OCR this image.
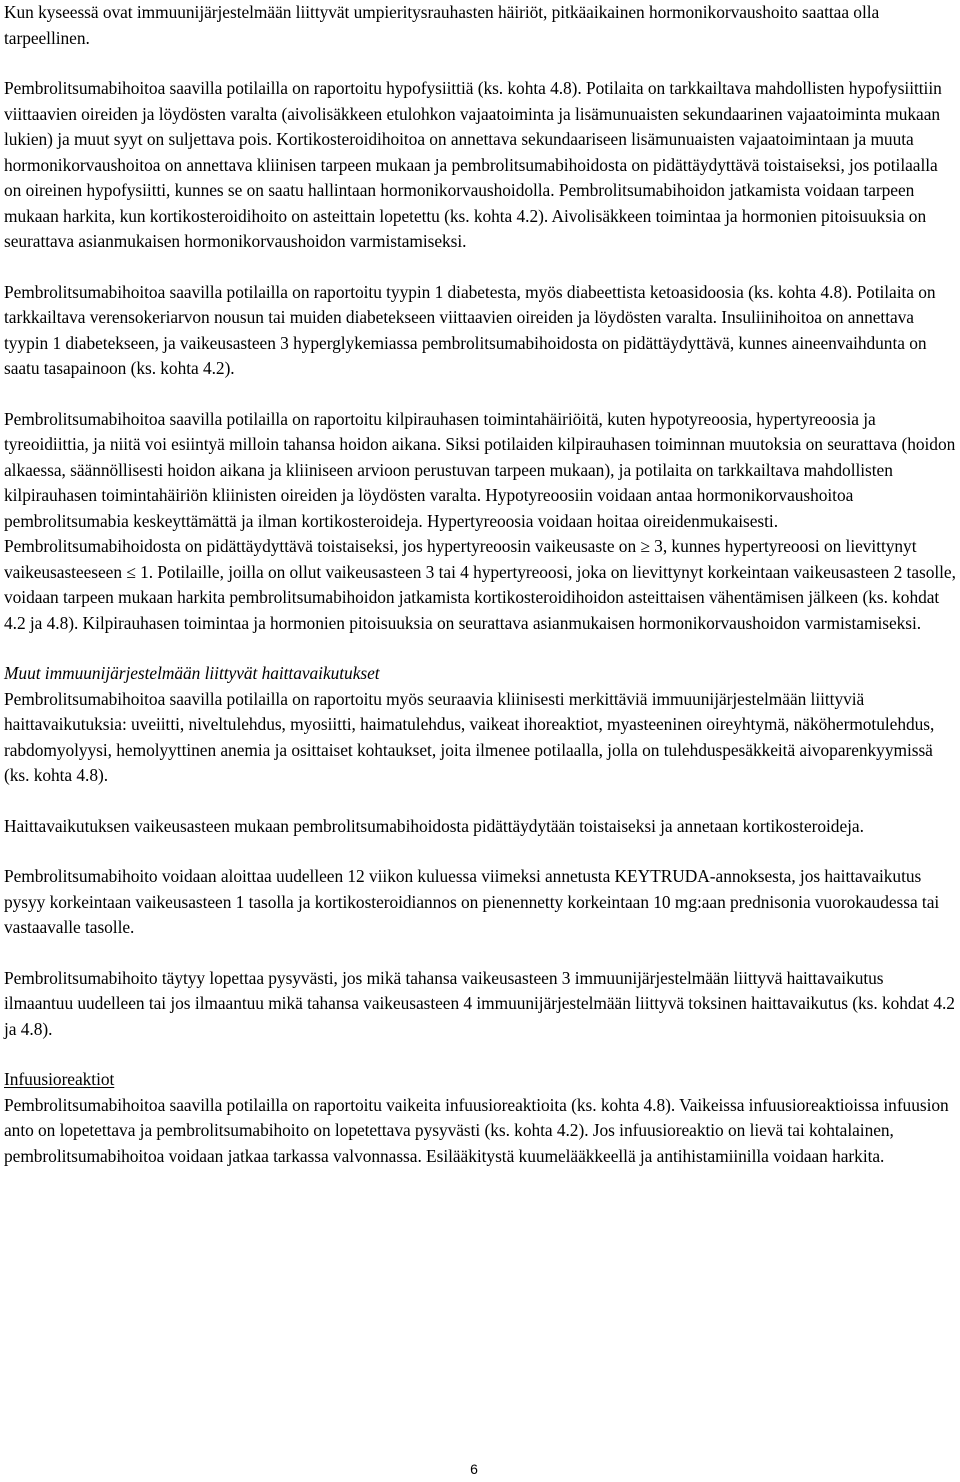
Kun kyseessä ovat immuunijärjestelmään liittyvät umpieritysrauhasten häiriöt, pitkäaikainen hormonikorvaushoito saattaa olla tarpeellinen.

Pembrolitsumabihoitoa saavilla potilailla on raportoitu hypofysiittiä (ks. kohta 4.8). Potilaita on tarkkailtava mahdollisten hypofysiittiin viittaavien oireiden ja löydösten varalta (aivolisäkkeen etulohkon vajaatoiminta ja lisämunuaisten sekundaarinen vajaatoiminta mukaan lukien) ja muut syyt on suljettava pois. Kortikosteroidihoitoa on annettava sekundaariseen lisämunuaisten vajaatoimintaan ja muuta hormonikorvaushoitoa on annettava kliinisen tarpeen mukaan ja pembrolitsumabihoidosta on pidättäydyttävä toistaiseksi, jos potilaalla on oireinen hypofysiitti, kunnes se on saatu hallintaan hormonikorvaushoidolla. Pembrolitsumabihoidon jatkamista voidaan tarpeen mukaan harkita, kun kortikosteroidihoito on asteittain lopetettu (ks. kohta 4.2). Aivolisäkkeen toimintaa ja hormonien pitoisuuksia on seurattava asianmukaisen hormonikorvaushoidon varmistamiseksi.

Pembrolitsumabihoitoa saavilla potilailla on raportoitu tyypin 1 diabetesta, myös diabeettista ketoasidoosia (ks. kohta 4.8). Potilaita on tarkkailtava verensokeriarvon nousun tai muiden diabetekseen viittaavien oireiden ja löydösten varalta. Insuliinihoitoa on annettava tyypin 1 diabetekseen, ja vaikeusasteen 3 hyperglykemiassa pembrolitsumabihoidosta on pidättäydyttävä, kunnes aineenvaihdunta on saatu tasapainoon (ks. kohta 4.2).

Pembrolitsumabihoitoa saavilla potilailla on raportoitu kilpirauhasen toimintahäiriöitä, kuten hypotyreoosia, hypertyreoosia ja tyreoidiittia, ja niitä voi esiintyä milloin tahansa hoidon aikana. Siksi potilaiden kilpirauhasen toiminnan muutoksia on seurattava (hoidon alkaessa, säännöllisesti hoidon aikana ja kliiniseen arvioon perustuvan tarpeen mukaan), ja potilaita on tarkkailtava mahdollisten kilpirauhasen toimintahäiriön kliinisten oireiden ja löydösten varalta. Hypotyreoosiin voidaan antaa hormonikorvaushoitoa pembrolitsumabia keskeyttämättä ja ilman kortikosteroideja. Hypertyreoosia voidaan hoitaa oireidenmukaisesti. Pembrolitsumabihoidosta on pidättäydyttävä toistaiseksi, jos hypertyreoosin vaikeusaste on ≥ 3, kunnes hypertyreoosi on lievittynyt vaikeusasteeseen ≤ 1. Potilaille, joilla on ollut vaikeusasteen 3 tai 4 hypertyreoosi, joka on lievittynyt korkeintaan vaikeusasteen 2 tasolle, voidaan tarpeen mukaan harkita pembrolitsumabihoidon jatkamista kortikosteroidihoidon asteittaisen vähentämisen jälkeen (ks. kohdat 4.2 ja 4.8). Kilpirauhasen toimintaa ja hormonien pitoisuuksia on seurattava asianmukaisen hormonikorvaushoidon varmistamiseksi.

Muut immuunijärjestelmään liittyvät haittavaikutukset

Pembrolitsumabihoitoa saavilla potilailla on raportoitu myös seuraavia kliinisesti merkittäviä immuunijärjestelmään liittyviä haittavaikutuksia: uveiitti, niveltulehdus, myosiitti, haimatulehdus, vaikeat ihoreaktiot, myasteeninen oireyhtymä, näköhermotulehdus, rabdomyolyysi, hemolyyttinen anemia ja osittaiset kohtaukset, joita ilmenee potilaalla, jolla on tulehduspesäkkeitä aivoparenkyymissä (ks. kohta 4.8).

Haittavaikutuksen vaikeusasteen mukaan pembrolitsumabihoidosta pidättäydytään toistaiseksi ja annetaan kortikosteroideja.

Pembrolitsumabihoito voidaan aloittaa uudelleen 12 viikon kuluessa viimeksi annetusta KEYTRUDA-annoksesta, jos haittavaikutus pysyy korkeintaan vaikeusasteen 1 tasolla ja kortikosteroidiannos on pienennetty korkeintaan 10 mg:aan prednisonia vuorokaudessa tai vastaavalle tasolle.

Pembrolitsumabihoito täytyy lopettaa pysyvästi, jos mikä tahansa vaikeusasteen 3 immuunijärjestelmään liittyvä haittavaikutus ilmaantuu uudelleen tai jos ilmaantuu mikä tahansa vaikeusasteen 4 immuunijärjestelmään liittyvä toksinen haittavaikutus (ks. kohdat 4.2 ja 4.8).

Infuusioreaktiot

Pembrolitsumabihoitoa saavilla potilailla on raportoitu vaikeita infuusioreaktioita (ks. kohta 4.8). Vaikeissa infuusioreaktioissa infuusion anto on lopetettava ja pembrolitsumabihoito on lopetettava pysyvästi (ks. kohta 4.2). Jos infuusioreaktio on lievä tai kohtalainen, pembrolitsumabihoitoa voidaan jatkaa tarkassa valvonnassa. Esilääkitystä kuumelääkkeellä ja antihistamiinilla voidaan harkita.

6
